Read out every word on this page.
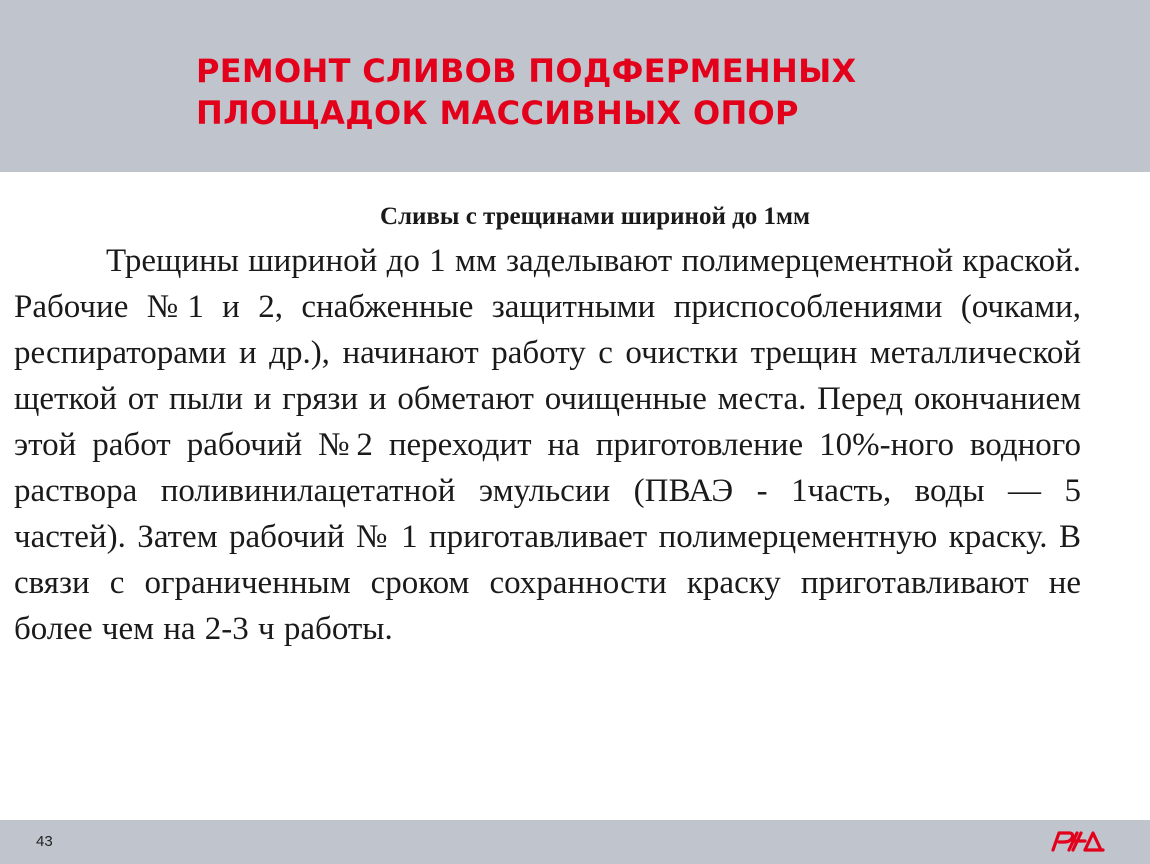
РЕМОНТ СЛИВОВ ПОДФЕРМЕННЫХ
ПЛОЩАДОК МАССИВНЫХ ОПОР
Сливы с трещинами шириной до 1мм

Трещины шириной до 1 мм заделывают полимерцементной краской. Рабочие №1 и 2, снабженные защитными приспособлениями (очками, респираторами и др.), начинают работу с очистки трещин металлической щеткой от пыли и грязи и обметают очищенные места. Перед окончанием этой работ рабочий №2 переходит на приготовление 10%-ного водного раствора поливинилацетатной эмульсии (ПВАЭ - 1часть, воды — 5 частей). Затем рабочий № 1 приготавливает полимерцементную краску. В связи с ограниченным сроком сохранности краску приготавливают не более чем на 2-3 ч работы.

43
